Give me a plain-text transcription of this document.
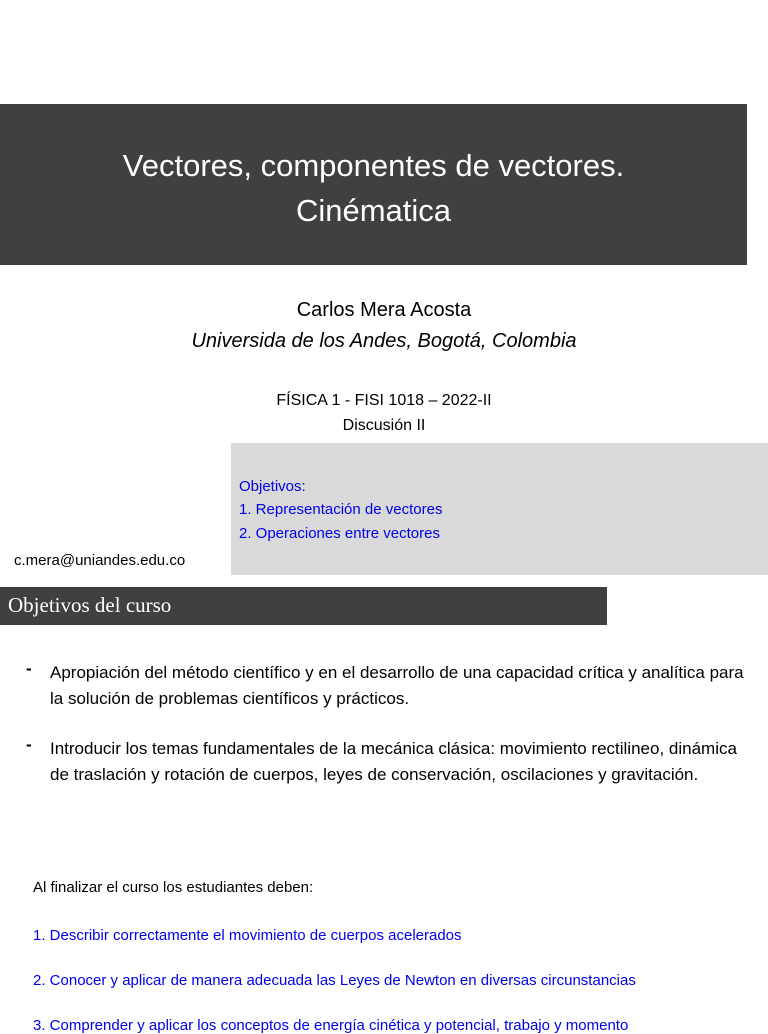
Vectores, componentes de vectores.
Cinématica
Carlos Mera Acosta
Universida de los Andes, Bogotá, Colombia
FÍSICA 1 - FISI 1018 – 2022-II
Discusión II
Objetivos:
1. Representación de vectores
2. Operaciones entre vectores
c.mera@uniandes.edu.co
Objetivos del curso
- Apropiación del método científico y en el desarrollo de una capacidad crítica y analítica para la solución de problemas científicos y prácticos.
- Introducir los temas fundamentales de la mecánica clásica: movimiento rectilineo, dinámica de traslación y rotación de cuerpos, leyes de conservación, oscilaciones y gravitación.
Al finalizar el curso los estudiantes deben:
1. Describir correctamente el movimiento de cuerpos acelerados
2. Conocer y aplicar de manera adecuada las Leyes de Newton en diversas circunstancias
3. Comprender y aplicar los conceptos de energía cinética y potencial, trabajo y momento
